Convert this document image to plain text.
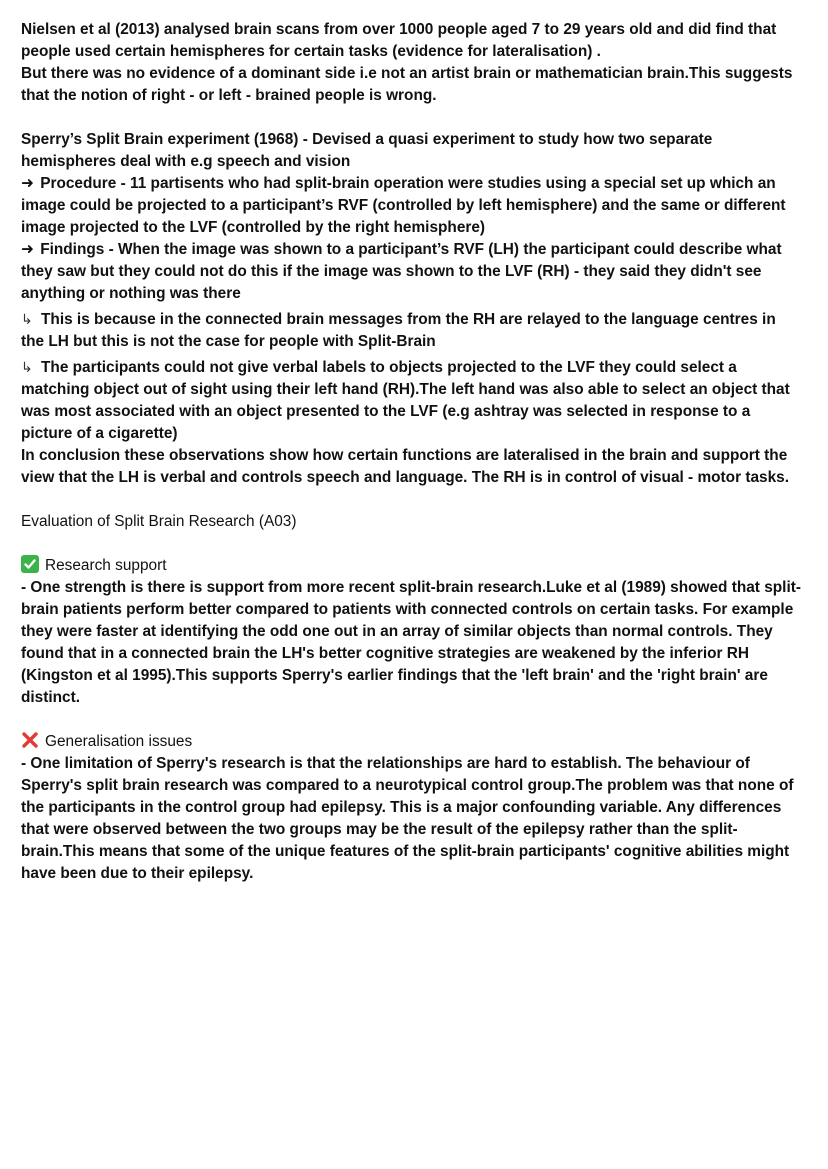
Nielsen et al (2013) analysed brain scans from over 1000 people aged 7 to 29 years old and did find that people used certain hemispheres for certain tasks (evidence for lateralisation) .
But there was no evidence of a dominant side i.e not an artist brain or mathematician brain.This suggests that the notion of right - or left - brained people is wrong.

Sperry’s Split Brain experiment (1968) - Devised a quasi experiment to study how two separate hemispheres deal with e.g speech and vision
➜ Procedure - 11 partisents who had split-brain operation were studies using a special set up which an image could be projected to a participant’s RVF (controlled by left hemisphere) and the same or different image projected to the LVF (controlled by the right hemisphere)
➜ Findings - When the image was shown to a participant’s RVF (LH) the participant could describe what they saw but they could not do this if the image was shown to the LVF (RH) - they said they didn't see anything or nothing was there
↳ This is because in the connected brain messages from the RH are relayed to the language centres in the LH but this is not the case for people with Split-Brain
↳ The participants could not give verbal labels to objects projected to the LVF they could select a matching object out of sight using their left hand (RH).The left hand was also able to select an object that was most associated with an object presented to the LVF (e.g ashtray was selected in response to a picture of a cigarette)
In conclusion these observations show how certain functions are lateralised in the brain and support the view that the LH is verbal and controls speech and language. The RH is in control of visual - motor tasks.
Evaluation of Split Brain Research (A03)
Research support
- One strength is there is support from more recent split-brain research.Luke et al (1989) showed that split-brain patients perform better compared to patients with connected controls on certain tasks. For example they were faster at identifying the odd one out in an array of similar objects than normal controls. They found that in a connected brain the LH's better cognitive strategies are weakened by the inferior RH (Kingston et al 1995).This supports Sperry's earlier findings that the 'left brain' and the 'right brain' are distinct.
Generalisation issues
- One limitation of Sperry's research is that the relationships are hard to establish. The behaviour of Sperry's split brain research was compared to a neurotypical control group.The problem was that none of the participants in the control group had epilepsy. This is a major confounding variable. Any differences that were observed between the two groups may be the result of the epilepsy rather than the split-brain.This means that some of the unique features of the split-brain participants' cognitive abilities might have been due to their epilepsy.
